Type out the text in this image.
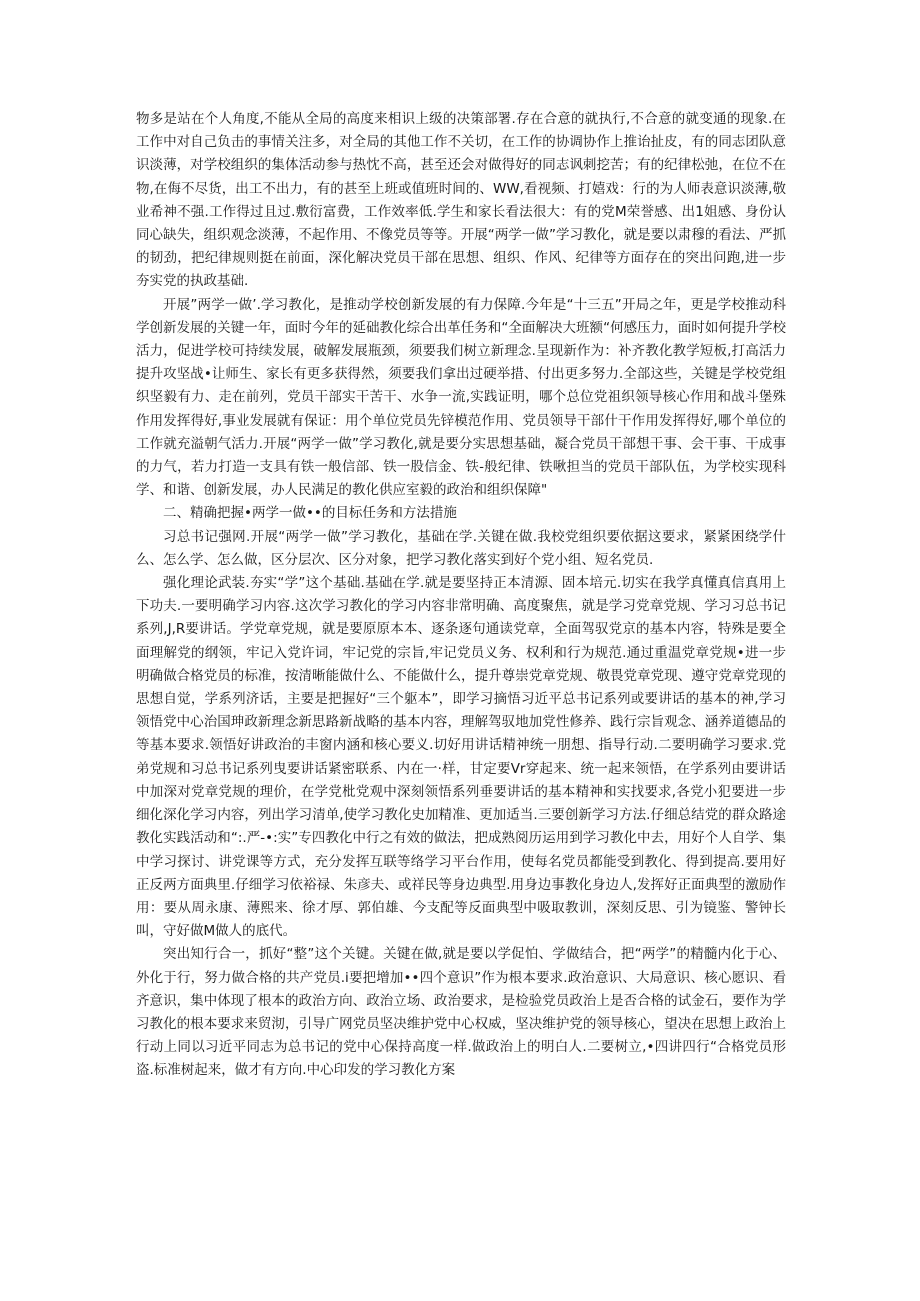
物多是站在个人角度,不能从全局的高度来相识上级的决策部署.存在合意的就执行,不合意的就变通的现象.在工作中对自己负击的事情关注多，对全局的其他工作不关切，在工作的协调协作上推诒扯皮，有的同志团队意识淡薄，对学校组织的集体活动参与热忱不高，甚至还会对做得好的同志讽刺挖苦；有的纪律松弛，在位不在物,在侮不尽货，出工不出力，有的甚至上班或值班时间的、WW,看视频、打嬉戏：行的为人师表意识淡薄,敬业希神不强.工作得过且过.敷衍富费，工作效率低.学生和家长看法很大：有的党M荣誉感、出1姐感、身份认同心缺失，组织观念淡薄，不起作用、不像党员等等。开展“两学一做”学习教化，就是要以肃穆的看法、严抓的韧劲，把纪律规则挺在前面，深化解决党员干部在思想、组织、作风、纪律等方面存在的突出问跑,进一步夯实党的执政基础.

开展”两学一做’.学习教化，是推动学校创新发展的有力保障.今年是“十三五”开局之年，更是学校推动科学创新发展的关键一年，面时今年的延础教化综合出革任务和“全面解决大班额“何感压力，面时如何提升学校活力，促进学校可持续发展，破解发展瓶颈，须要我们树立新理念.呈现新作为：补齐教化教学短板,打高活力提升攻坚战•让师生、家长有更多获得然，须要我们拿出过硬举措、付出更多努力.全部这些，关键是学校党组织坚毅有力、走在前列，党员干部实干苦干、水争一流,实践证明，哪个总位党祖织领导核心作用和战斗堡殊作用发挥得好,事业发展就有保证：用个单位党员先锌模范作用、党员领导干部什干作用发挥得好,哪个单位的工作就充溢朝气活力.开展“两学一做”学习教化,就是要分实思想基础，凝合党员干部想干事、会干事、干成事的力气，若力打造一支具有铁一般信部、铁一股信金、铁-般纪律、铁啾担当的党员干部队伍，为学校实现科学、和谐、创新发展，办人民满足的教化供应室毅的政治和组织保障"

二、精确把握•两学一做••的目标任务和方法措施

习总书记强网.开展“两学一做”学习教化，基础在学.关键在做.我校党组织要依据这要求，紧紧困绕学什么、怎么学、怎么做，区分层次、区分对象，把学习教化落实到好个党小组、短名党员.

强化理论武装.夯实“学”这个基础.基础在学.就是要坚持正本清源、固本培元.切实在我学真懂真信真用上下功夫.一要明确学习内容.这次学习教化的学习内容非常明确、高度聚焦，就是学习党章党规、学习习总书记系列,J,R要讲话。学党章党规，就是要原原本本、逐条逐句通读党章，全面驾驭党京的基本内容，特殊是要全面理解党的纲领，牢记入党许词，牢记党的宗旨,牢记党员义务、权利和行为规范.通过重温党章党规•进一步明确做合格党员的标准，按清晰能做什么、不能做什么，提升尊崇党章党规、敬畏党章党现、遵守党章党现的思想自觉，学系列济话，主要是把握好“三个躯本”，即学习摘悟习近平总书记系列或要讲话的基本的神,学习领悟党中心治国珅政新理念新思路新战略的基本内容，理解驾驭地加党性修养、践行宗旨观念、涵养道德品的等基本要求.领悟好讲政治的丰窗内涵和核心要义.切好用讲话精神统一朋想、指导行动.二要明确学习要求.党弟党规和习总书记系列曳要讲话紧密联系、内在一·样，甘定要Vr穿起来、统一起来领悟，在学系列由要讲话中加深对党章党规的理价，在学党枇党观中深刻领悟系列垂要讲话的基本精神和实找要求,各党小犯要进一步细化深化学习内容，列出学习清单,使学习教化史加精准、更加适当.三要创新学习方法.仔细总结党的群众路途教化实践活动和“:.严-•:实”专四教化中行之有效的做法，把成熟阅历运用到学习教化中去，用好个人自学、集中学习探讨、讲党课等方式，充分发挥互联等络学习平台作用，使每名党员都能受到教化、得到提高.要用好正反两方面典里.仔细学习依裕禄、朱彦夫、或祥民等身边典型.用身边事教化身边人,发挥好正面典型的激励作用：要从周永康、薄熙来、徐才厚、郭伯雄、今支配等反面典型中吸取教训，深刻反思、引为镜鉴、警钟长叫，守好做M做人的底代。

突出知行合一，抓好“整”这个关键。关键在做,就是要以学促怕、学做结合，把“两学”的精髓内化于心、外化于行，努力做合格的共产党员.i要把增加••四个意识”作为根本要求.政治意识、大局意识、核心愿识、看齐意识，集中体现了根本的政治方向、政治立场、政治要求，是检验党员政治上是否合格的试金石，要作为学习教化的根本要求来贸沏，引导广网党员坚决维护党中心权威，坚决维护党的领导核心，望决在思想上政治上行动上同以习近平同志为总书记的党中心保持高度一样.做政治上的明白人.二要树立,•四讲四行“合格党员形盗.标准树起来，做才有方向.中心印发的学习教化方案
